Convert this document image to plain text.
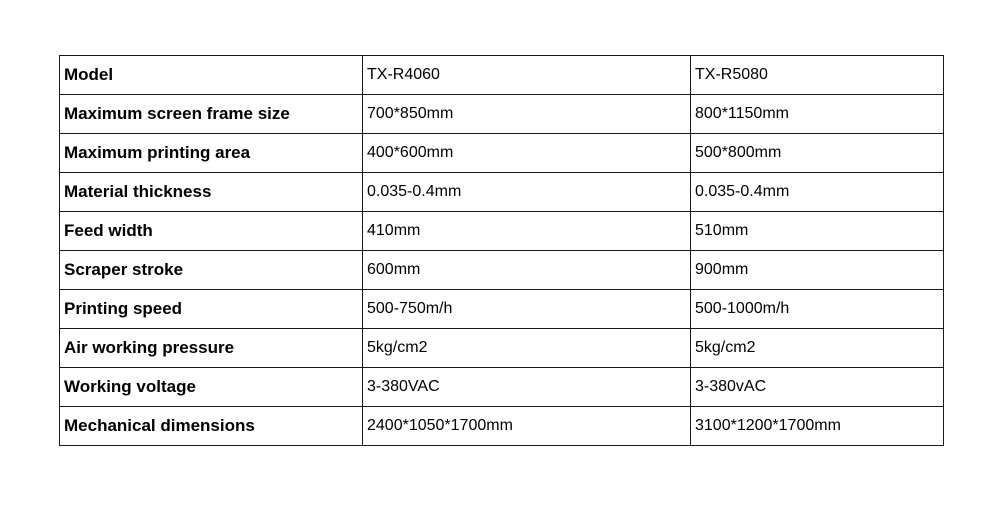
Model	TX-R4060	TX-R5080
Maximum screen frame size	700*850mm	800*1150mm
Maximum printing area	400*600mm	500*800mm
Material thickness	0.035-0.4mm	0.035-0.4mm
Feed width	410mm	510mm
Scraper stroke	600mm	900mm
Printing speed	500-750m/h	500-1000m/h
Air working pressure	5kg/cm2	5kg/cm2
Working voltage	3-380VAC	3-380vAC
Mechanical dimensions	2400*1050*1700mm	3100*1200*1700mm
